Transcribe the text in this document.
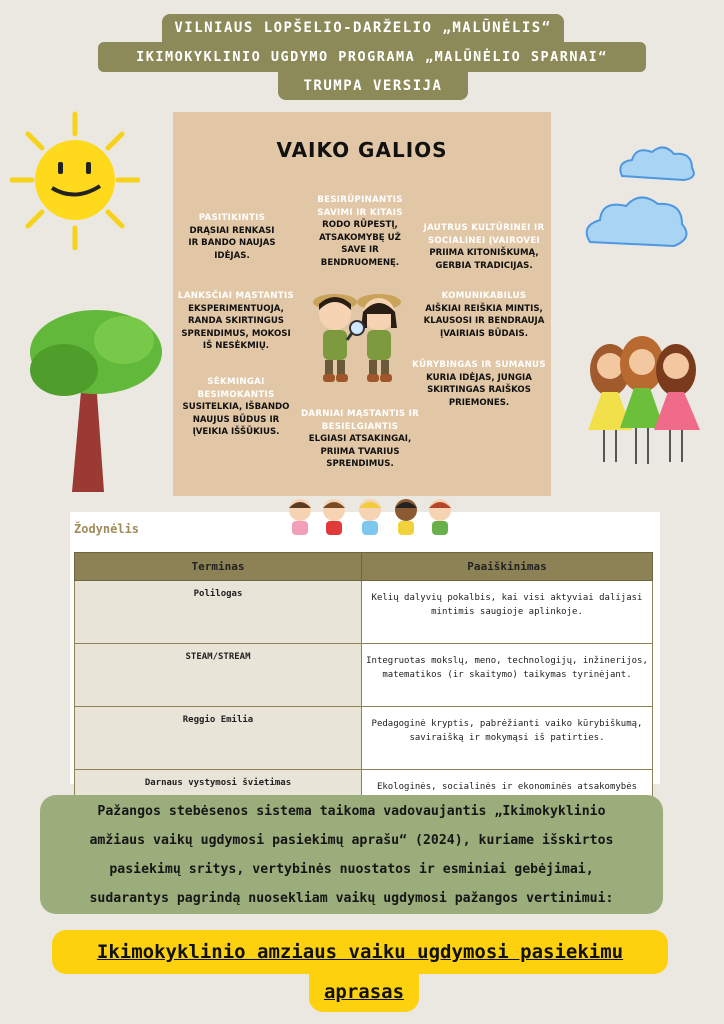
VILNIAUS LOPŠELIO-DARŽELIO „MALŪNĖLIS“
IKIMOKYKLINIO UGDYMO PROGRAMA „MALŪNĖLIO SPARNAI“
TRUMPA VERSIJA
VAIKO GALIOS
PASITIKINTIS
DRĄSIAI RENKASI
IR BANDO NAUJAS
IDĖJAS.
LANKSČIAI MĄSTANTIS
EKSPERIMENTUOJA,
RANDA SKIRTINGUS
SPRENDIMUS, MOKOSI
IŠ NESĖKMIŲ.
SĖKMINGAI BESIMOKANTIS
SUSITELKIA, IŠBANDO
NAUJUS BŪDUS IR
ĮVEIKIA IŠŠŪKIUS.
BESIRŪPINANTIS SAVIMI IR KITAIS
RODO RŪPESTĮ,
ATSAKOMYBĘ UŽ
SAVE IR
BENDRUOMENĘ.
DARNIAI MĄSTANTIS IR BESIELGIANTIS
ELGIASI ATSAKINGAI,
PRIIMA TVARIUS
SPRENDIMUS.
JAUTRUS KULTŪRINEI IR SOCIALINEI ĮVAIROVEI
PRIIMA KITONIŠKUMĄ,
GERBIA TRADICIJAS.
KOMUNIKABILUS
AIŠKIAI REIŠKIA MINTIS,
KLAUSOSI IR BENDRAUJA
ĮVAIRIAIS BŪDAIS.
KŪRYBINGAS IR SUMANUS
KURIA IDĖJAS, JUNGIA
SKIRTINGAS RAIŠKOS
PRIEMONES.
Žodynėlis
Terminas	Paaiškinimas
Polilogas	Kelių dalyvių pokalbis, kai visi aktyviai dalijasi
mintimis saugioje aplinkoje.
STEAM/STREAM	Integruotas mokslų, meno, technologijų, inžinerijos,
matematikos (ir skaitymo) taikymas tyrinėjant.
Reggio Emilia	Pedagoginė kryptis, pabrėžianti vaiko kūrybiškumą,
saviraišką ir mokymąsi iš patirties.
Darnaus vystymosi švietimas	Ekologinės, socialinės ir ekonominės atsakomybės

Pažangos stebėsenos sistema taikoma vadovaujantis „Ikimokyklinio
amžiaus vaikų ugdymosi pasiekimų aprašu“ (2024), kuriame išskirtos
pasiekimų sritys, vertybinės nuostatos ir esminiai gebėjimai,
sudarantys pagrindą nuosekliam vaikų ugdymosi pažangos vertinimui:
Ikimokyklinio amziaus vaiku ugdymosi pasiekimu
aprasas
